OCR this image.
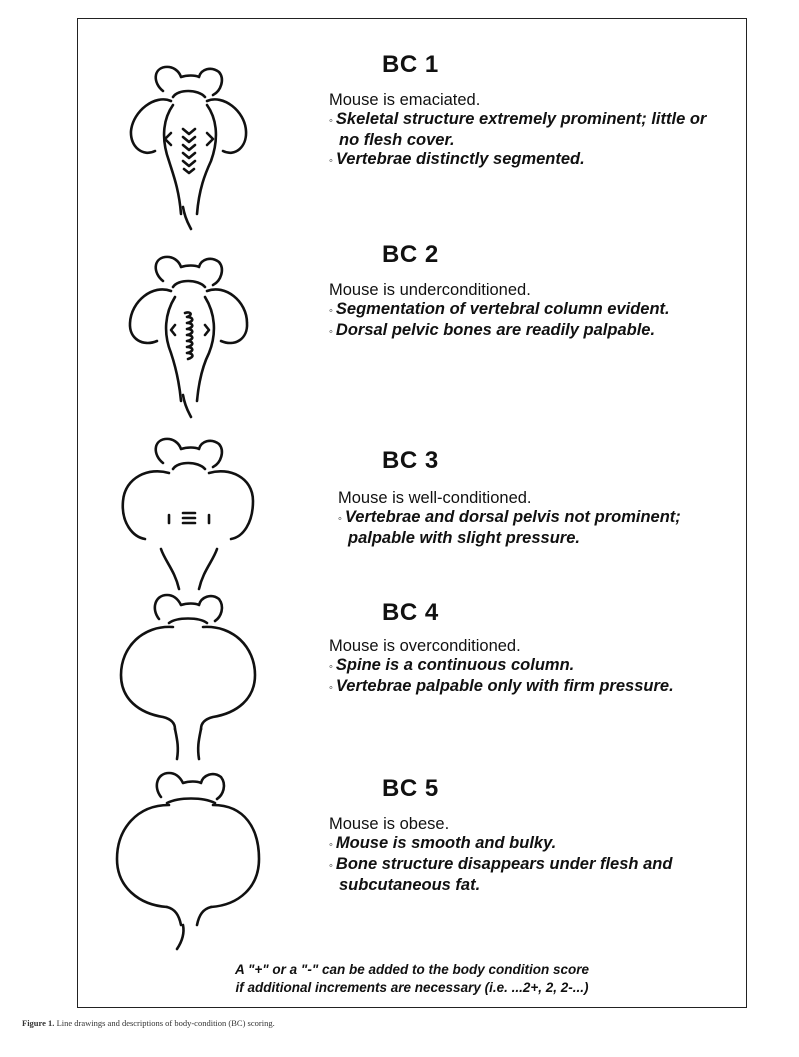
BC 1
Mouse is emaciated.
◦ Skeletal structure extremely prominent; little or no flesh cover.
◦ Vertebrae distinctly segmented.
BC 2
Mouse is underconditioned.
◦ Segmentation of vertebral column evident.
◦ Dorsal pelvic bones are readily palpable.
BC 3
Mouse is well-conditioned.
◦ Vertebrae and dorsal pelvis not prominent; palpable with slight pressure.
BC 4
Mouse is overconditioned.
◦ Spine is a continuous column.
◦ Vertebrae palpable only with firm pressure.
BC 5
Mouse is obese.
◦ Mouse is smooth and bulky.
◦ Bone structure disappears under flesh and subcutaneous fat.
A "+" or a "-" can be added to the body condition score
if additional increments are necessary (i.e. ...2+, 2, 2-...)
Figure 1. Line drawings and descriptions of body-condition (BC) scoring.
